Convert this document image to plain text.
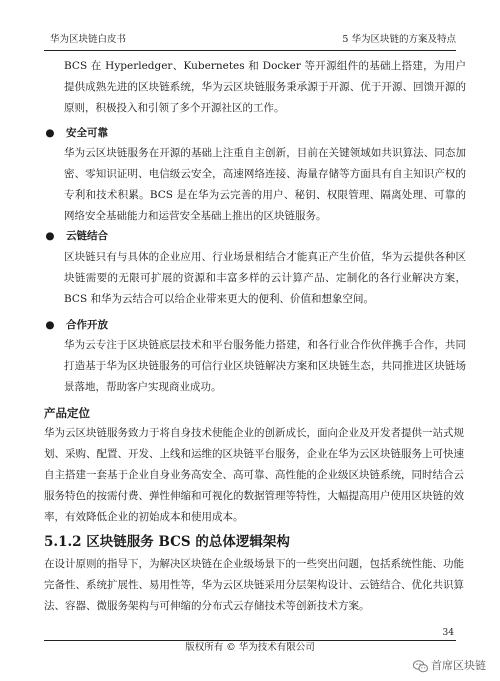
华为区块链白皮书	5 华为区块链的方案及特点

BCS 在 Hyperledger、Kubernetes 和 Docker 等开源组件的基础上搭建，为用户提供成熟先进的区块链系统，华为云区块链服务秉承源于开源、优于开源、回馈开源的原则，积极投入和引领了多个开源社区的工作。

● 安全可靠

华为云区块链服务在开源的基础上注重自主创新，目前在关键领域如共识算法、同态加密、零知识证明、电信级云安全，高速网络连接、海量存储等方面具有自主知识产权的专利和技术积累。BCS 是在华为云完善的用户、秘钥、权限管理、隔离处理、可靠的网络安全基础能力和运营安全基础上推出的区块链服务。

● 云链结合

区块链只有与具体的企业应用、行业场景相结合才能真正产生价值，华为云提供各种区块链需要的无限可扩展的资源和丰富多样的云计算产品、定制化的各行业解决方案，BCS 和华为云结合可以给企业带来更大的便利、价值和想象空间。

● 合作开放

华为云专注于区块链底层技术和平台服务能力搭建，和各行业合作伙伴携手合作，共同打造基于华为区块链服务的可信行业区块链解决方案和区块链生态，共同推进区块链场景落地，帮助客户实现商业成功。

产品定位

华为云区块链服务致力于将自身技术使能企业的创新成长，面向企业及开发者提供一站式规划、采购、配置、开发、上线和运维的区块链平台服务，企业在华为云区块链服务上可快速自主搭建一套基于企业自身业务高安全、高可靠、高性能的企业级区块链系统，同时结合云服务特色的按需付费、弹性伸缩和可视化的数据管理等特性，大幅提高用户使用区块链的效率，有效降低企业的初始成本和使用成本。

5.1.2 区块链服务 BCS 的总体逻辑架构

在设计原则的指导下，为解决区块链在企业级场景下的一些突出问题，包括系统性能、功能完备性、系统扩展性、易用性等，华为云区块链采用分层架构设计、云链结合、优化共识算法、容器、微服务架构与可伸缩的分布式云存储技术等创新技术方案。

34
版权所有 © 华为技术有限公司
首席区块链
